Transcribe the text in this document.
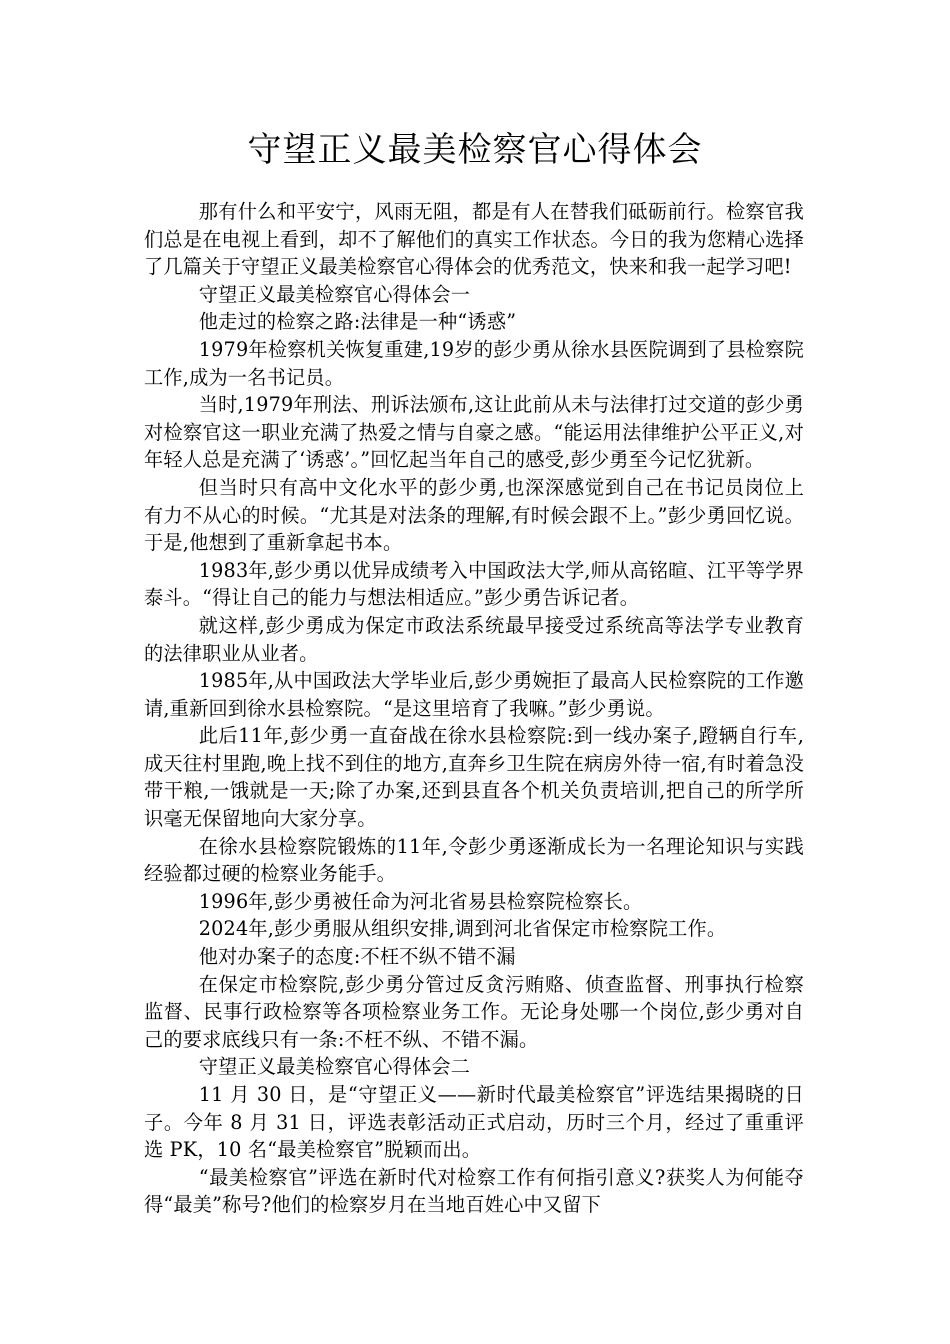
守望正义最美检察官心得体会

那有什么和平安宁，风雨无阻，都是有人在替我们砥砺前行。检察官我们总是在电视上看到，却不了解他们的真实工作状态。今日的我为您精心选择了几篇关于守望正义最美检察官心得体会的优秀范文，快来和我一起学习吧!

守望正义最美检察官心得体会一

他走过的检察之路:法律是一种“诱惑”

1979年检察机关恢复重建,19岁的彭少勇从徐水县医院调到了县检察院工作,成为一名书记员。

当时,1979年刑法、刑诉法颁布,这让此前从未与法律打过交道的彭少勇对检察官这一职业充满了热爱之情与自豪之感。“能运用法律维护公平正义,对年轻人总是充满了‘诱惑’。”回忆起当年自己的感受,彭少勇至今记忆犹新。

但当时只有高中文化水平的彭少勇,也深深感觉到自己在书记员岗位上有力不从心的时候。“尤其是对法条的理解,有时候会跟不上。”彭少勇回忆说。于是,他想到了重新拿起书本。

1983年,彭少勇以优异成绩考入中国政法大学,师从高铭暄、江平等学界泰斗。“得让自己的能力与想法相适应。”彭少勇告诉记者。

就这样,彭少勇成为保定市政法系统最早接受过系统高等法学专业教育的法律职业从业者。

1985年,从中国政法大学毕业后,彭少勇婉拒了最高人民检察院的工作邀请,重新回到徐水县检察院。“是这里培育了我嘛。”彭少勇说。

此后11年,彭少勇一直奋战在徐水县检察院:到一线办案子,蹬辆自行车,成天往村里跑,晚上找不到住的地方,直奔乡卫生院在病房外待一宿,有时着急没带干粮,一饿就是一天;除了办案,还到县直各个机关负责培训,把自己的所学所识毫无保留地向大家分享。

在徐水县检察院锻炼的11年,令彭少勇逐渐成长为一名理论知识与实践经验都过硬的检察业务能手。

1996年,彭少勇被任命为河北省易县检察院检察长。

2024年,彭少勇服从组织安排,调到河北省保定市检察院工作。

他对办案子的态度:不枉不纵不错不漏

在保定市检察院,彭少勇分管过反贪污贿赂、侦查监督、刑事执行检察监督、民事行政检察等各项检察业务工作。无论身处哪一个岗位,彭少勇对自己的要求底线只有一条:不枉不纵、不错不漏。

守望正义最美检察官心得体会二

11 月 30 日，是“守望正义——新时代最美检察官”评选结果揭晓的日子。今年 8 月 31 日，评选表彰活动正式启动，历时三个月，经过了重重评选 PK，10 名“最美检察官”脱颖而出。

“最美检察官”评选在新时代对检察工作有何指引意义?获奖人为何能夺得“最美”称号?他们的检察岁月在当地百姓心中又留下
